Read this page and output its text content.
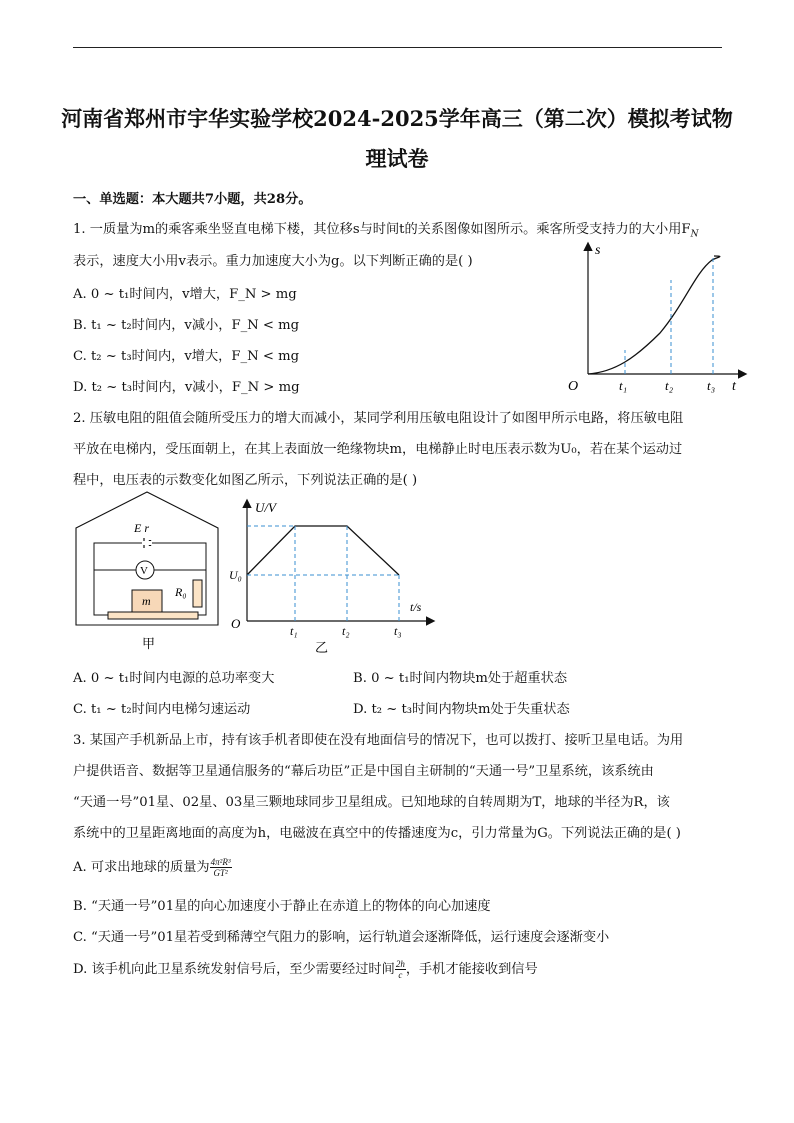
河南省郑州市宇华实验学校2024-2025学年高三（第二次）模拟考试物
理试卷
一、单选题：本大题共7小题，共28分。
1. 一质量为m的乘客乘坐竖直电梯下楼，其位移s与时间t的关系图像如图所示。乘客所受支持力的大小用$F_N$
表示，速度大小用v表示。重力加速度大小为g。以下判断正确的是( )
A. 0 ~ t₁时间内，v增大，F_N > mg
B. t₁ ~ t₂时间内，v减小，F_N < mg
C. t₂ ~ t₃时间内，v增大，F_N < mg
D. t₂ ~ t₃时间内，v减小，F_N > mg
s
t
O	t₁	t₂	t₃
2. 压敏电阻的阻值会随所受压力的增大而减小，某同学利用压敏电阻设计了如图甲所示电路，将压敏电阻
平放在电梯内，受压面朝上，在其上表面放一绝缘物块m，电梯静止时电压表示数为U₀，若在某个运动过
程中，电压表的示数变化如图乙所示，下列说法正确的是( )
E r
V
R₀
m
甲
U/V
t/s
U₀
O	t₁	t₂	t₃
乙
A. 0 ~ t₁时间内电源的总功率变大	B. 0 ~ t₁时间内物块m处于超重状态
C. t₁ ~ t₂时间内电梯匀速运动	D. t₂ ~ t₃时间内物块m处于失重状态
3. 某国产手机新品上市，持有该手机者即使在没有地面信号的情况下，也可以拨打、接听卫星电话。为用
户提供语音、数据等卫星通信服务的“幕后功臣”正是中国自主研制的“天通一号”卫星系统，该系统由
“天通一号”01星、02星、03星三颗地球同步卫星组成。已知地球的自转周期为T，地球的半径为R，该
系统中的卫星距离地面的高度为h，电磁波在真空中的传播速度为c，引力常量为G。下列说法正确的是( )
A. 可求出地球的质量为 $\frac{\text{4π²R³}}{\text{GT²}}$
B. “天通一号”01星的向心加速度小于静止在赤道上的物体的向心加速度
C. “天通一号”01星若受到稀薄空气阻力的影响，运行轨道会逐渐降低，运行速度会逐渐变小
D. 该手机向此卫星系统发射信号后，至少需要经过时间 $\frac{2h}{c}$ ，手机才能接收到信号
